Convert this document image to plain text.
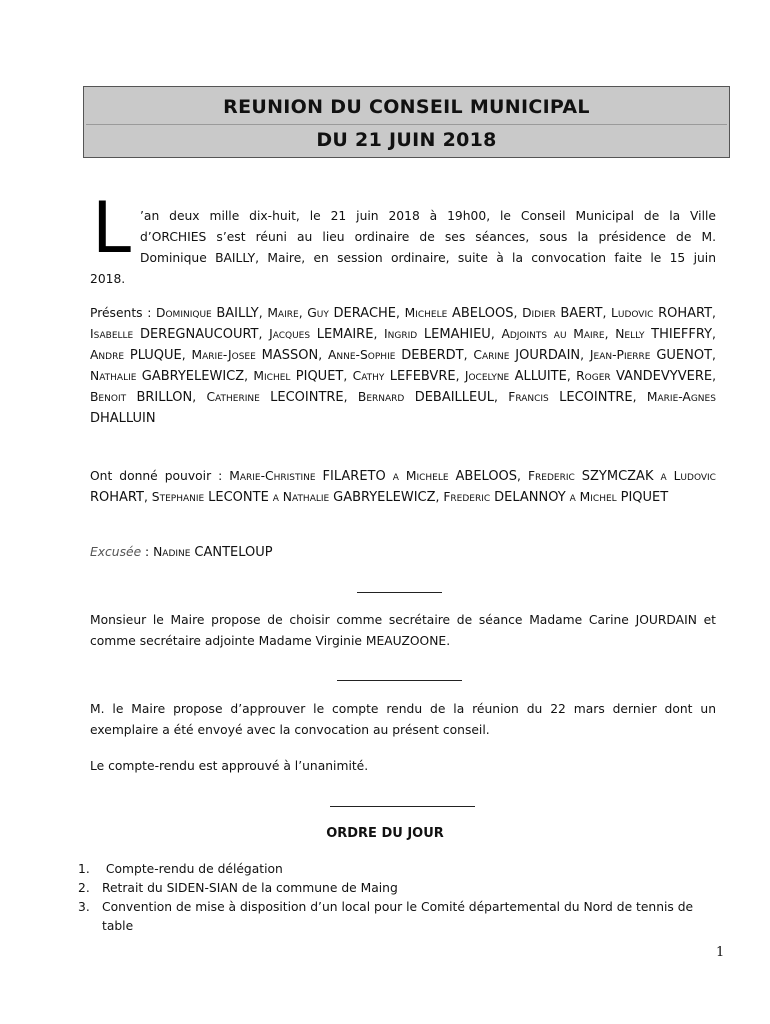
REUNION DU CONSEIL MUNICIPAL
DU 21 JUIN 2018
L ’an deux mille dix-huit, le 21 juin 2018 à 19h00, le Conseil Municipal de la Ville
d’ORCHIES s’est réuni au lieu ordinaire de ses séances, sous la présidence de M.
Dominique BAILLY, Maire, en session ordinaire, suite à la convocation faite le 15 juin
2018.
Présents : Dominique BAILLY, Maire, Guy DERACHE, Michele ABELOOS, Didier BAERT, Ludovic ROHART, Isabelle DEREGNAUCOURT, Jacques LEMAIRE, Ingrid LEMAHIEU, Adjoints au Maire, Nelly THIEFFRY, Andre PLUQUE, Marie-Josee MASSON, Anne-Sophie DEBERDT, Carine JOURDAIN, Jean-Pierre GUENOT, Nathalie GABRYELEWICZ, Michel PIQUET, Cathy LEFEBVRE, Jocelyne ALLUITE, Roger VANDEVYVERE, Benoit BRILLON, Catherine LECOINTRE, Bernard DEBAILLEUL, Francis LECOINTRE, Marie-Agnes DHALLUIN
Ont donné pouvoir : Marie-Christine FILARETO a Michele ABELOOS, Frederic SZYMCZAK a Ludovic ROHART, Stephanie LECONTE a Nathalie GABRYELEWICZ, Frederic DELANNOY a Michel PIQUET
Excusée : Nadine CANTELOUP
Monsieur le Maire propose de choisir comme secrétaire de séance Madame Carine JOURDAIN et comme secrétaire adjointe Madame Virginie MEAUZOONE.
M. le Maire propose d’approuver le compte rendu de la réunion du 22 mars dernier dont un exemplaire a été envoyé avec la convocation au présent conseil.
Le compte-rendu est approuvé à l’unanimité.
ORDRE DU JOUR
1. Compte-rendu de délégation
2. Retrait du SIDEN-SIAN de la commune de Maing
3. Convention de mise à disposition d’un local pour le Comité départemental du Nord de tennis de table
1
